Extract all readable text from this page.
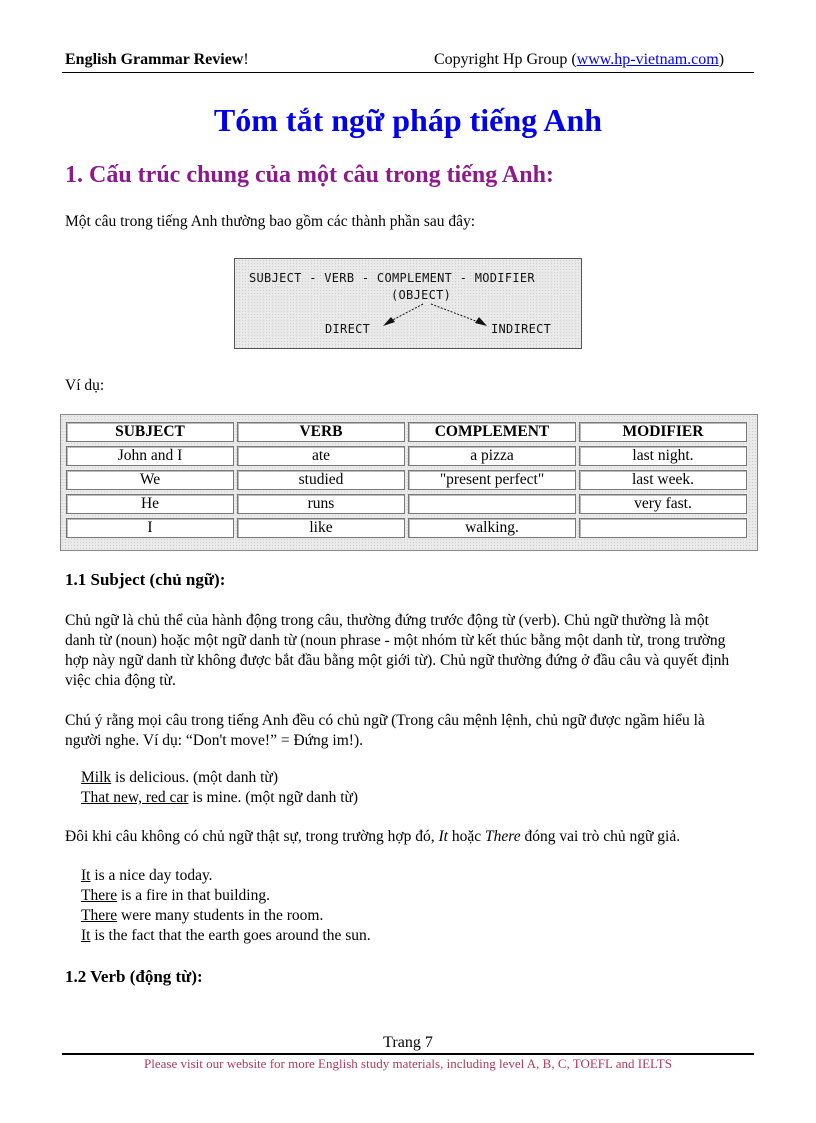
English Grammar Review!	Copyright Hp Group (www.hp-vietnam.com)
Tóm tắt ngữ pháp tiếng Anh
1. Cấu trúc chung của một câu trong tiếng Anh:
Một câu trong tiếng Anh thường bao gồm các thành phần sau đây:
SUBJECT - VERB - COMPLEMENT - MODIFIER
(OBJECT)
DIRECT	INDIRECT
Ví dụ:
SUBJECT	VERB	COMPLEMENT	MODIFIER
John and I	ate	a pizza	last night.
We	studied	"present perfect"	last week.
He	runs		very fast.
I	like	walking.	
1.1 Subject (chủ ngữ):
Chủ ngữ là chủ thể của hành động trong câu, thường đứng trước động từ (verb). Chủ ngữ thường là một
danh từ (noun) hoặc một ngữ danh từ (noun phrase - một nhóm từ kết thúc bằng một danh từ, trong trường
hợp này ngữ danh từ không được bắt đầu bằng một giới từ). Chủ ngữ thường đứng ở đầu câu và quyết định
việc chia động từ.
Chú ý rằng mọi câu trong tiếng Anh đều có chủ ngữ (Trong câu mệnh lệnh, chủ ngữ được ngầm hiểu là
người nghe. Ví dụ: “Don't move!” = Đứng im!).
Milk is delicious. (một danh từ)
That new, red car is mine. (một ngữ danh từ)
Đôi khi câu không có chủ ngữ thật sự, trong trường hợp đó, It hoặc There đóng vai trò chủ ngữ giả.
It is a nice day today.
There is a fire in that building.
There were many students in the room.
It is the fact that the earth goes around the sun.
1.2 Verb (động từ):
Trang 7
Please visit our website for more English study materials, including level A, B, C, TOEFL and IELTS
